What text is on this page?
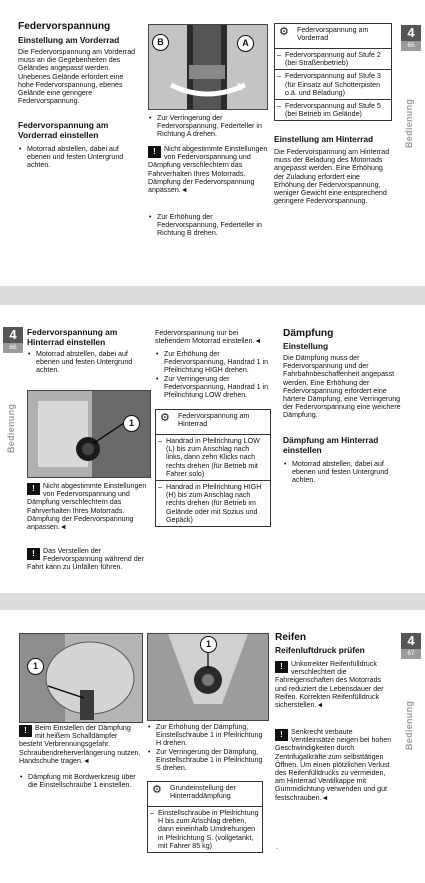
Federvorspannung
Einstellung am Vorderrad
Die Federvorspannung am Vorderrad muss an die Gegebenheiten des Geländes angepasst werden. Unebenes Gelände erfordert eine hohe Federvorspannung, ebenes Gelände eine geringere Federvorspannung.
Federvorspannung am Vorderrad einstellen
• Motorrad abstellen, dabei auf ebenen und festen Untergrund achten.
B	A
• Zur Verringerung der Federvorspannung, Federteller in Richtung A drehen.
!	Nicht abgestimmte Einstellungen von Federvorspannung und Dämpfung verschlechtern das Fahrverhalten Ihres Motorrads. Dämpfung der Federvorspannung anpassen.◄
• Zur Erhöhung der Federvorspannung, Federteller in Richtung B drehen.
⚙ Federvorspannung am Vorderrad
– Federvorspannung auf Stufe 2 (bei Straßenbetrieb)
– Federvorspannung auf Stufe 3 (für Einsatz auf Schotterpisten o.ä. und Beladung)
– Federvorspannung auf Stufe 5 (bei Betrieb im Gelände)
Einstellung am Hinterrad
Die Federvorspannung am Hinterrad muss der Beladung des Motorrads angepasst werden. Eine Erhöhung der Zuladung erfordert eine Erhöhung der Federvorspannung, weniger Gewicht eine entsprechend geringere Federvorspannung.
4
65
Bedienung
4
66
Bedienung
Federvorspannung am Hinterrad einstellen
• Motorrad abstellen, dabei auf ebenen und festen Untergrund achten.
1
!	Nicht abgestimmte Einstellungen von Federvorspannung und Dämpfung verschlechtern das Fahrverhalten Ihres Motorrads. Dämpfung der Federvorspannung anpassen.◄
!	Das Verstellen der Federvorspannung während der Fahrt kann zu Unfällen führen.
Federvorspannung nur bei stehendem Motorrad einstellen.◄
• Zur Erhöhung der Federvorspannung, Handrad 1 in Pfeilrichtung HIGH drehen.
• Zur Verringerung der Federvorspannung, Handrad 1 in Pfeilrichtung LOW drehen.
⚙ Federvorspannung am Hinterrad
– Handrad in Pfeilrichtung LOW (L) bis zum Anschlag nach links, dann zehn Klicks nach rechts drehen (für Betrieb mit Fahrer solo)
– Handrad in Pfeilrichtung HIGH (H) bis zum Anschlag nach rechts drehen (für Betrieb im Gelände oder mit Sozius und Gepäck)
Dämpfung
Einstellung
Die Dämpfung muss der Federvorspannung und der Fahrbahnbeschaffenheit angepasst werden. Eine Erhöhung der Federvorspannung erfordert eine härtere Dämpfung, eine Verringerung der Federvorspannung eine weichere Dämpfung.
Dämpfung am Hinterrad einstellen
• Motorrad abstellen, dabei auf ebenen und festen Untergrund achten.
1
!	Beim Einstellen der Dämpfung mit heißem Schalldämpfer besteht Verbrennungsgefahr. Schraubendreherverlängerung nutzen, Handschuhe tragen.◄
• Dämpfung mit Bordwerkzeug über die Einstellschraube 1 einstellen.
1
• Zur Erhöhung der Dämpfung, Einstellschraube 1 in Pfeilrichtung H drehen.
• Zur Verringerung der Dämpfung, Einstellschraube 1 in Pfeilrichtung S drehen.
⚙ Grundeinstellung der Hinterraddämpfung
– Einstellschraube in Pfeilrichtung H bis zum Anschlag drehen, dann eineinhalb Umdrehungen in Pfeilrichtung S. (vollgetankt, mit Fahrer 85 kg)
Reifen
Reifenluftdruck prüfen
!	Unkorrekter Reifenfülldruck verschlechtert die Fahreigenschaften des Motorrads und reduziert die Lebensdauer der Reifen. Korrekten Reifenfülldruck sicherstellen.◄
!	Senkrecht verbaute Ventileinsätze neigen bei hohen Geschwindigkeiten durch Zentrifugalkräfte zum selbsttätigen Öffnen. Um einen plötzlichen Verlust des Reifenfülldrucks zu vermeiden, am Hinterrad Ventilkappe mit Gummidichtung verwenden und gut festschrauben.◄
.
4
67
Bedienung
